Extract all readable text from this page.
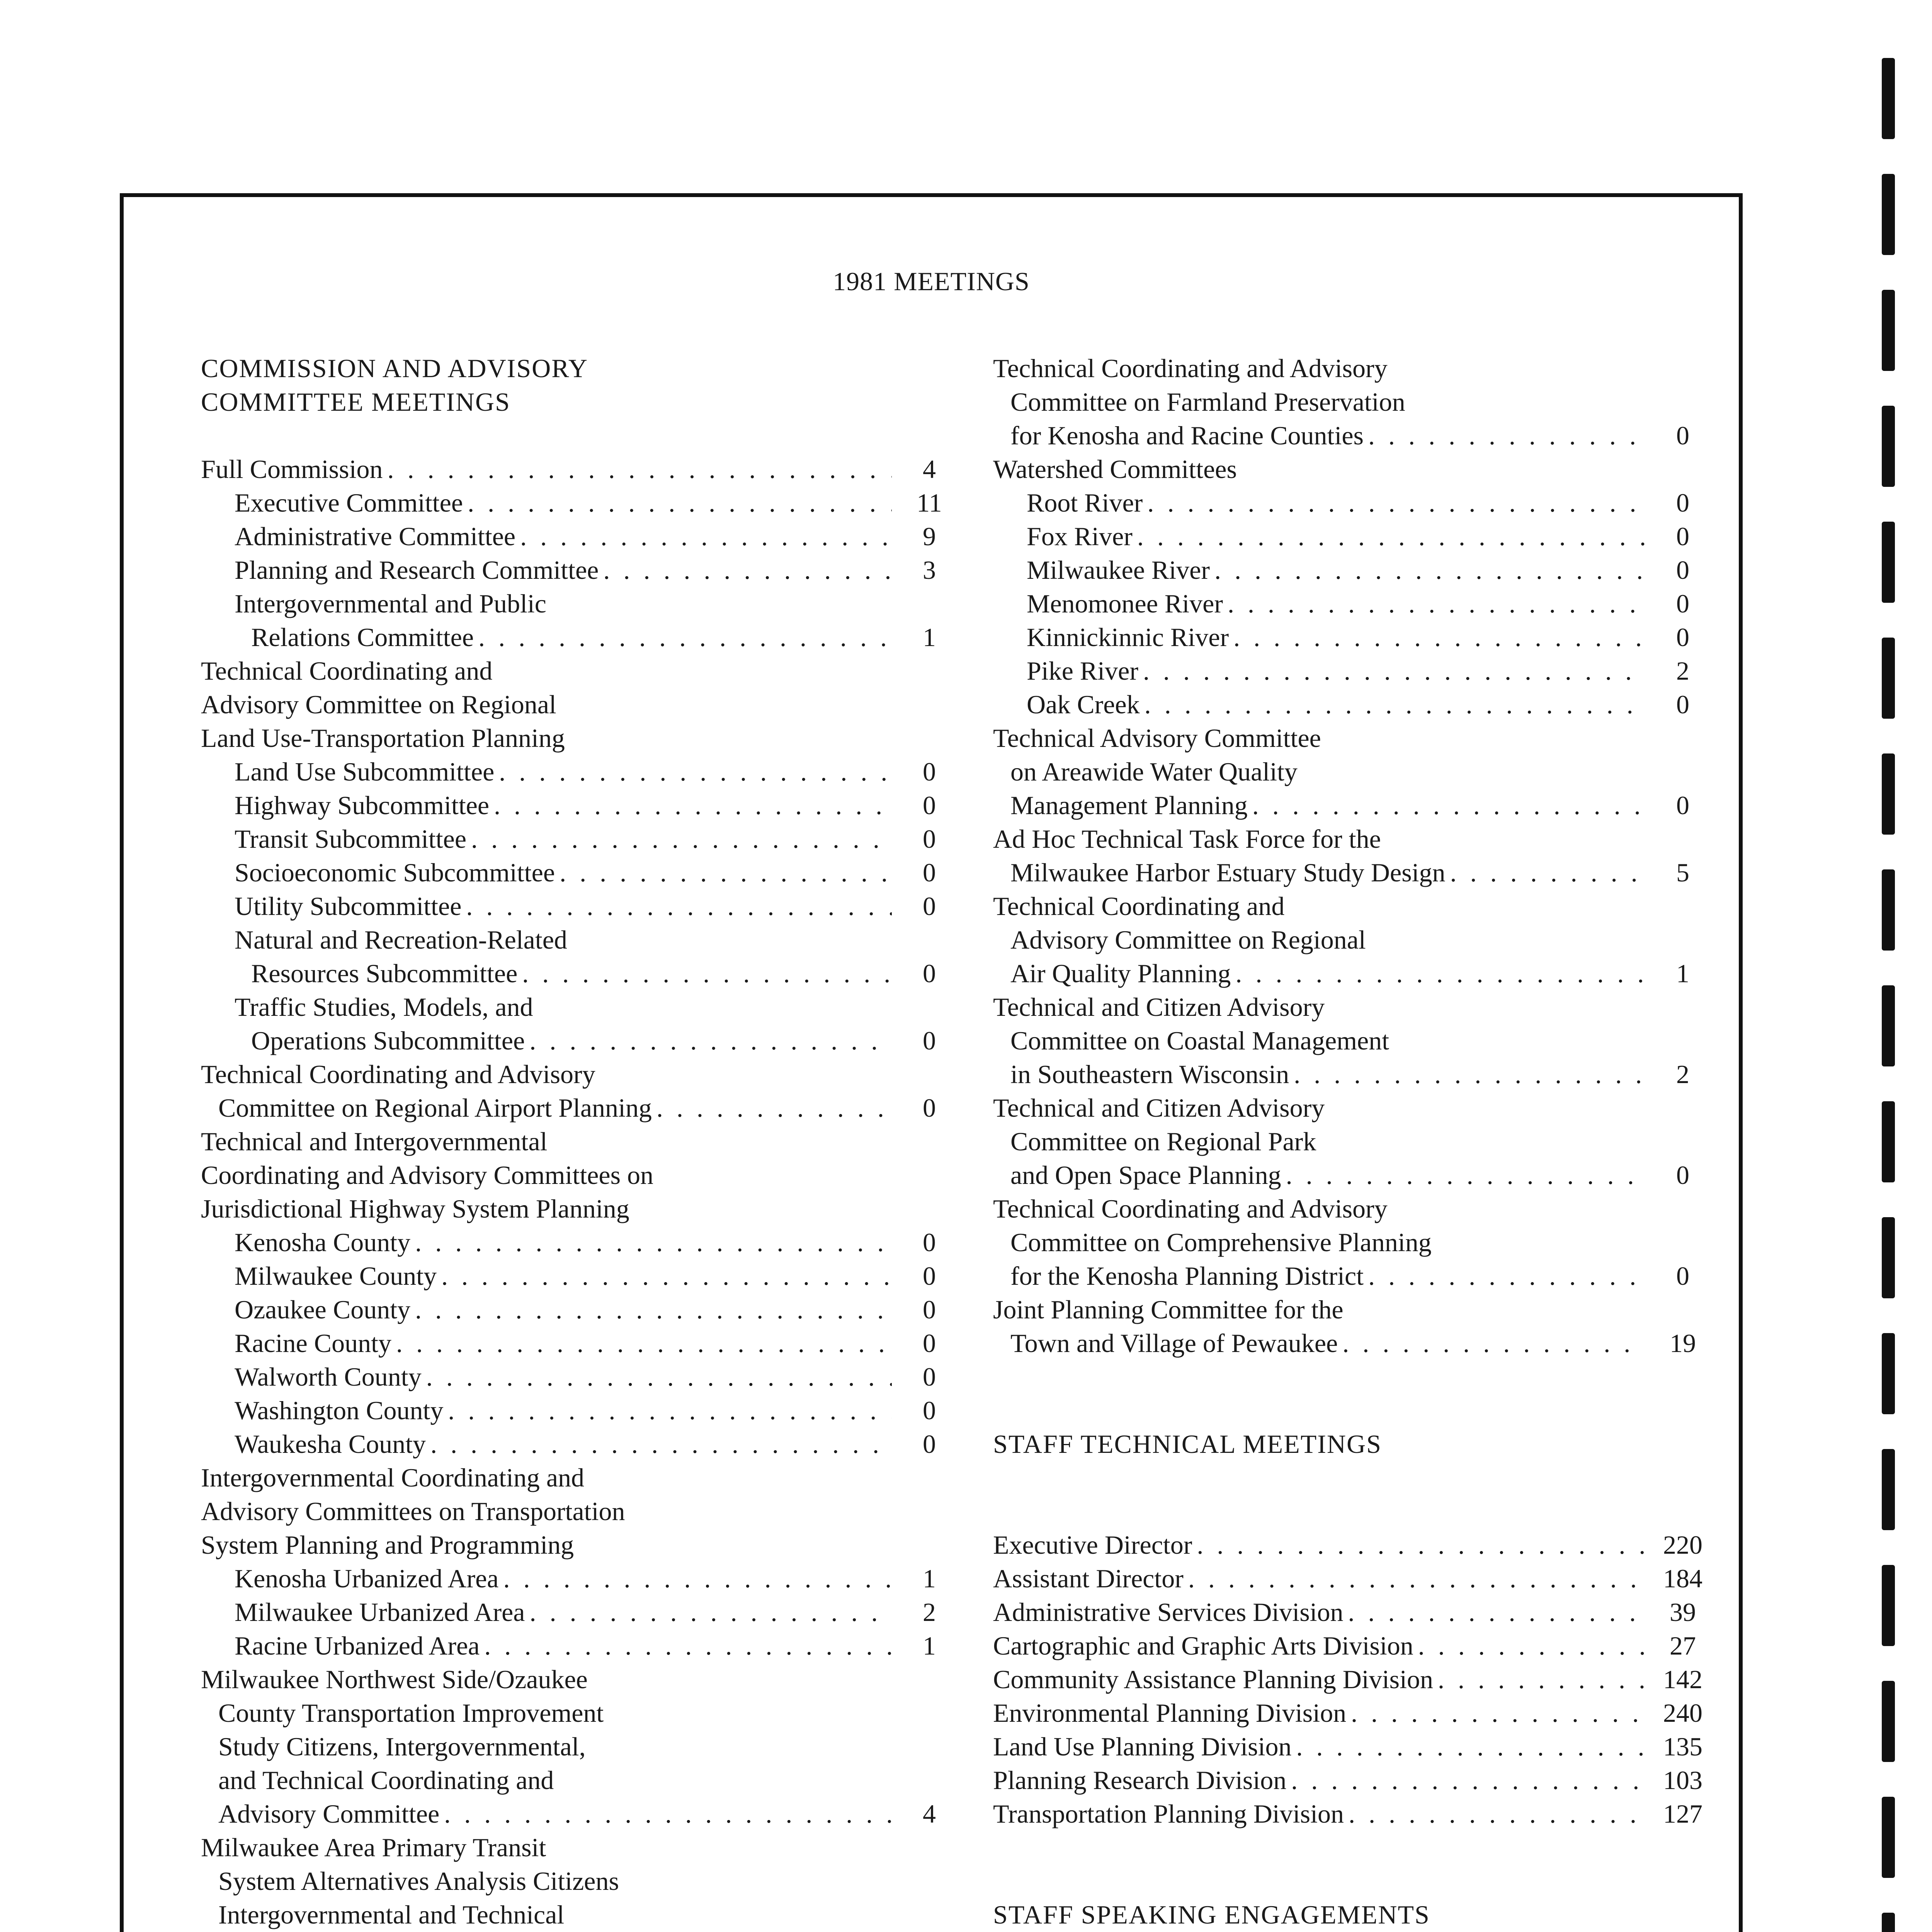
1981 MEETINGS
COMMISSION AND ADVISORY
COMMITTEE MEETINGS
Full Commission . . .	4
Executive Committee . . .	11
Administrative Committee . . .	9
Planning and Research Committee . . .	3
Intergovernmental and Public
Relations Committee . . .	1
Technical Coordinating and
Advisory Committee on Regional
Land Use-Transportation Planning
Land Use Subcommittee . . .	0
Highway Subcommittee . . .	0
Transit Subcommittee . . .	0
Socioeconomic Subcommittee . . .	0
Utility Subcommittee . . .	0
Natural and Recreation-Related
Resources Subcommittee . . .	0
Traffic Studies, Models, and
Operations Subcommittee . . .	0
Technical Coordinating and Advisory
Committee on Regional Airport Planning . . .	0
Technical and Intergovernmental
Coordinating and Advisory Committees on
Jurisdictional Highway System Planning
Kenosha County . . .	0
Milwaukee County . . .	0
Ozaukee County . . .	0
Racine County . . .	0
Walworth County . . .	0
Washington County . . .	0
Waukesha County . . .	0
Intergovernmental Coordinating and
Advisory Committees on Transportation
System Planning and Programming
Kenosha Urbanized Area . . .	1
Milwaukee Urbanized Area . . .	2
Racine Urbanized Area . . .	1
Milwaukee Northwest Side/Ozaukee
County Transportation Improvement
Study Citizens, Intergovernmental,
and Technical Coordinating and
Advisory Committee . . .	4
Milwaukee Area Primary Transit
System Alternatives Analysis Citizens
Intergovernmental and Technical
. . .
Technical Coordinating and Advisory
Committee on Farmland Preservation
for Kenosha and Racine Counties . . .	0
Watershed Committees
Root River . . .	0
Fox River . . .	0
Milwaukee River . . .	0
Menomonee River . . .	0
Kinnickinnic River . . .	0
Pike River . . .	2
Oak Creek . . .	0
Technical Advisory Committee
on Areawide Water Quality
Management Planning . . .	0
Ad Hoc Technical Task Force for the
Milwaukee Harbor Estuary Study Design . . .	5
Technical Coordinating and
Advisory Committee on Regional
Air Quality Planning . . .	1
Technical and Citizen Advisory
Committee on Coastal Management
in Southeastern Wisconsin . . .	2
Technical and Citizen Advisory
Committee on Regional Park
and Open Space Planning . . .	0
Technical Coordinating and Advisory
Committee on Comprehensive Planning
for the Kenosha Planning District . . .	0
Joint Planning Committee for the
Town and Village of Pewaukee . . .	19
STAFF TECHNICAL MEETINGS
Executive Director . . .	220
Assistant Director . . .	184
Administrative Services Division . . .	39
Cartographic and Graphic Arts Division . . .	27
Community Assistance Planning Division . . .	142
Environmental Planning Division . . .	240
Land Use Planning Division . . .	135
Planning Research Division . . .	103
Transportation Planning Division . . .	127
STAFF SPEAKING ENGAGEMENTS
